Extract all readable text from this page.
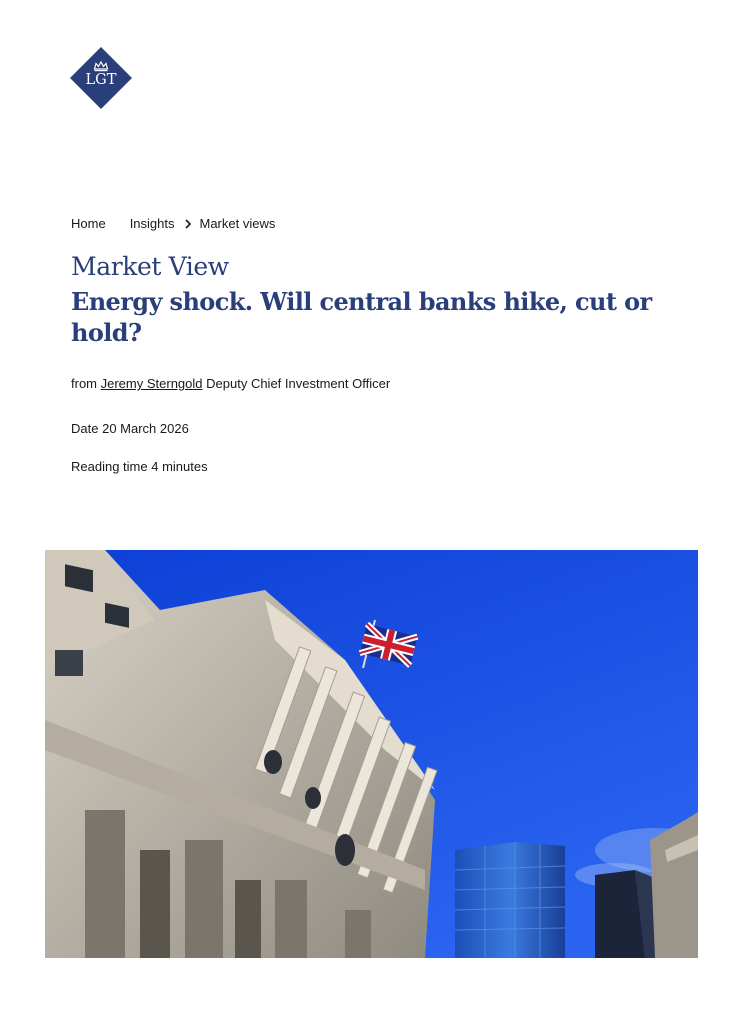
LGT
Home Insights Market views
Market View
Energy shock. Will central banks hike, cut or hold?
from Jeremy Sterngold Deputy Chief Investment Officer
Date 20 March 2026
Reading time 4 minutes
